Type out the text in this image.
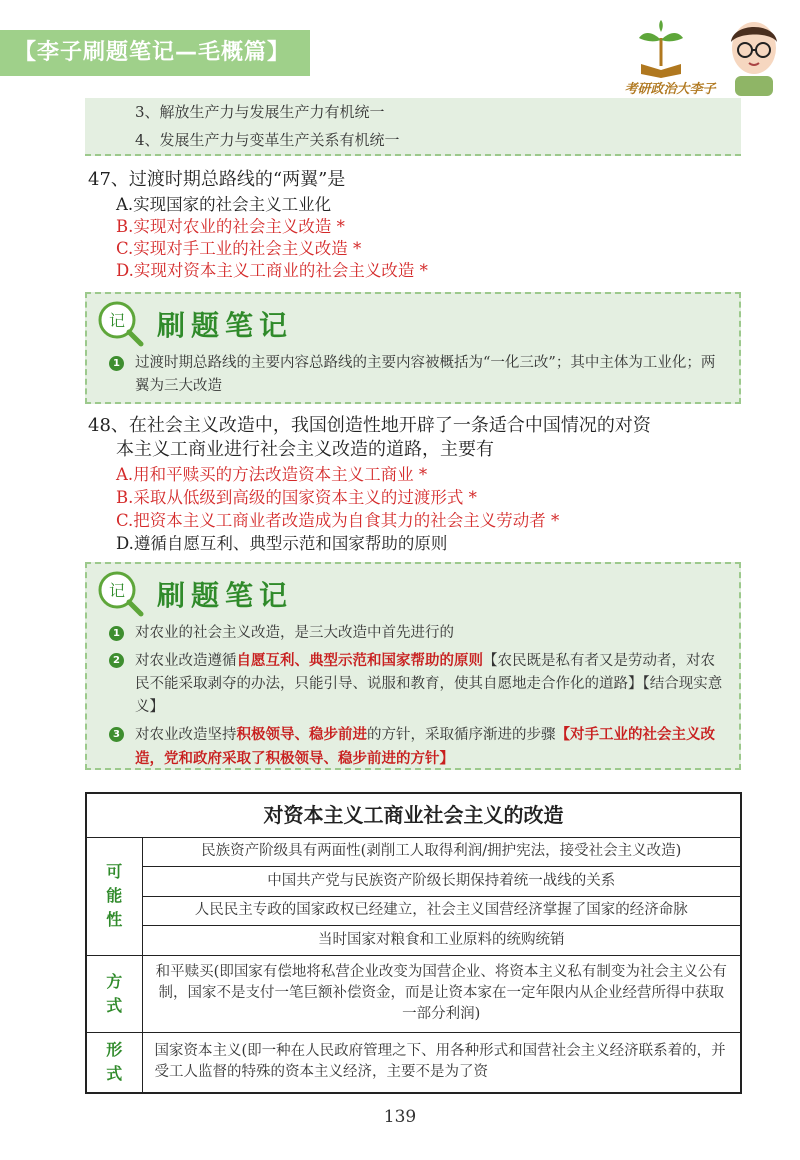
【李子刷题笔记—毛概篇】
考研政治大李子

3、解放生产力与发展生产力有机统一

4、发展生产力与变革生产关系有机统一

47、过渡时期总路线的“两翼”是
A.实现国家的社会主义工业化
B.实现对农业的社会主义改造 *
C.实现对手工业的社会主义改造 *
D.实现对资本主义工商业的社会主义改造 *
记 刷题笔记
1 过渡时期总路线的主要内容总路线的主要内容被概括为“一化三改”；其中主体为工业化；两翼为三大改造
48、在社会主义改造中，我国创造性地开辟了一条适合中国情况的对资
本主义工商业进行社会主义改造的道路，主要有
A.用和平赎买的方法改造资本主义工商业 *
B.采取从低级到高级的国家资本主义的过渡形式 *
C.把资本主义工商业者改造成为自食其力的社会主义劳动者 *
D.遵循自愿互利、典型示范和国家帮助的原则
记 刷题笔记
1 对农业的社会主义改造，是三大改造中首先进行的
2 对农业改造遵循自愿互利、典型示范和国家帮助的原则【农民既是私有者又是劳动者，对农民不能采取剥夺的办法，只能引导、说服和教育，使其自愿地走合作化的道路】【结合现实意义】
3 对农业改造坚持积极领导、稳步前进的方针，采取循序渐进的步骤【对手工业的社会主义改造，党和政府采取了积极领导、稳步前进的方针】
对资本主义工商业社会主义的改造	
可能性	民族资产阶级具有两面性(剥削工人取得利润/拥护宪法，接受社会主义改造)
	中国共产党与民族资产阶级长期保持着统一战线的关系
	人民民主专政的国家政权已经建立，社会主义国营经济掌握了国家的经济命脉
	当时国家对粮食和工业原料的统购统销
方式	和平赎买(即国家有偿地将私营企业改变为国营企业、将资本主义私有制变为社会主义公有制，国家不是支付一笔巨额补偿资金，而是让资本家在一定年限内从企业经营所得中获取一部分利润)
形式	国家资本主义(即一种在人民政府管理之下、用各种形式和国营社会主义经济联系着的，并受工人监督的特殊的资本主义经济，主要不是为了资
139
